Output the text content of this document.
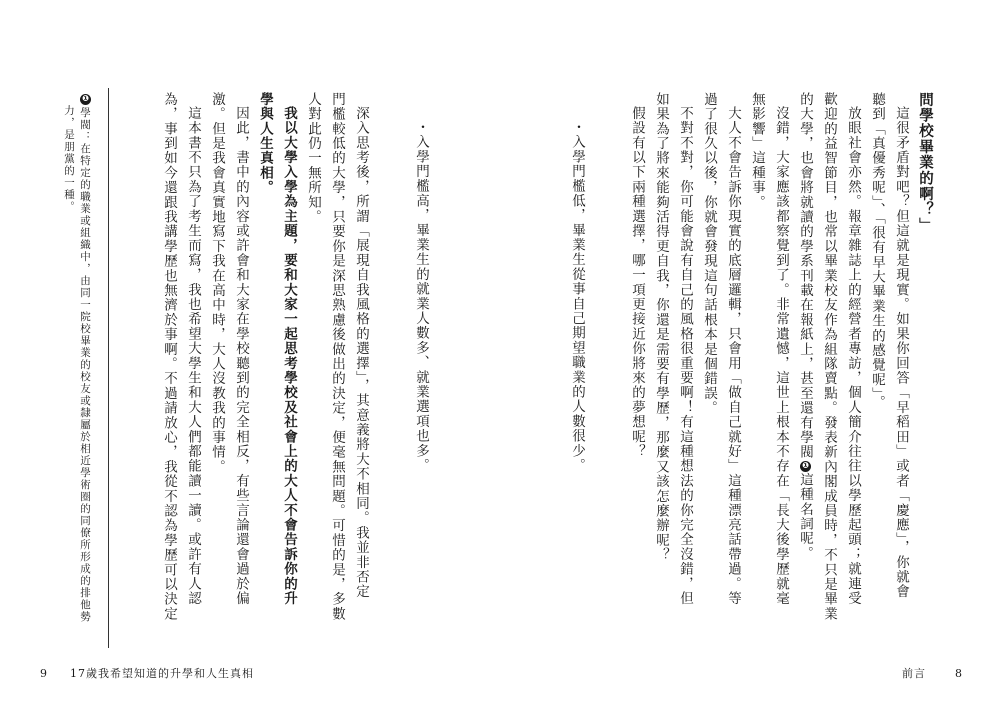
❶學閥：在特定的職業或組織中，由同一院校畢業的校友或隸屬於相近學術圈的同僚所形成的排他勢
力，是朋黨的一種。	為，事到如今還跟我講學歷也無濟於事啊。不過請放心，我從不認為學歷可以決定 這本書不只為了考生而寫，我也希望大學生和大人們都能讀一讀。或許有人認 激。但是我會真實地寫下我在高中時，大人沒教我的事情。 因此，書中的內容或許會和大家在學校聽到的完全相反，有些言論還會過於偏 學與人生真相。 我以大學入學為主題，要和大家一起思考學校及社會上的大人不會告訴你的升 人對此仍一無所知。 門檻較低的大學，只要你是深思熟慮後做出的決定，便毫無問題。可惜的是，多數 深入思考後，所謂「展現自我風格的選擇」，其意義將大不相同。我並非否定	・入學門檻高，畢業生的就業人數多、就業選項也多。
9 17歲我希望知道的升學和人生真相
・入學門檻低，畢業生從事自己期望職業的人數很少。	假設有以下兩種選擇，哪一項更接近你將來的夢想呢？ 如果為了將來能夠活得更自我，你還是需要有學歷，那麼又該怎麼辦呢？ 不對不對，你可能會說有自己的風格很重要啊！有這種想法的你完全沒錯，但 過了很久以後，你就會發現這句話根本是個錯誤。 大人不會告訴你現實的底層邏輯，只會用「做自己就好」這種漂亮話帶過。等 無影響」這種事。 沒錯，大家應該都察覺到了。非常遺憾，這世上根本不存在「長大後學歷就毫 的大學，也會將就讀的學系刊載在報紙上，甚至還有學閥❶這種名詞呢。 歡迎的益智節目，也常以畢業校友作為組隊賣點。發表新內閣成員時，不只是畢業 放眼社會亦然。報章雜誌上的經營者專訪，個人簡介往往以學歷起頭；就連受 聽到「真優秀呢」、「很有早大畢業生的感覺呢」。 這很矛盾對吧？但這就是現實。如果你回答「早稻田」或者「慶應」，你就會 問學校畢業的啊？」
前言	8
